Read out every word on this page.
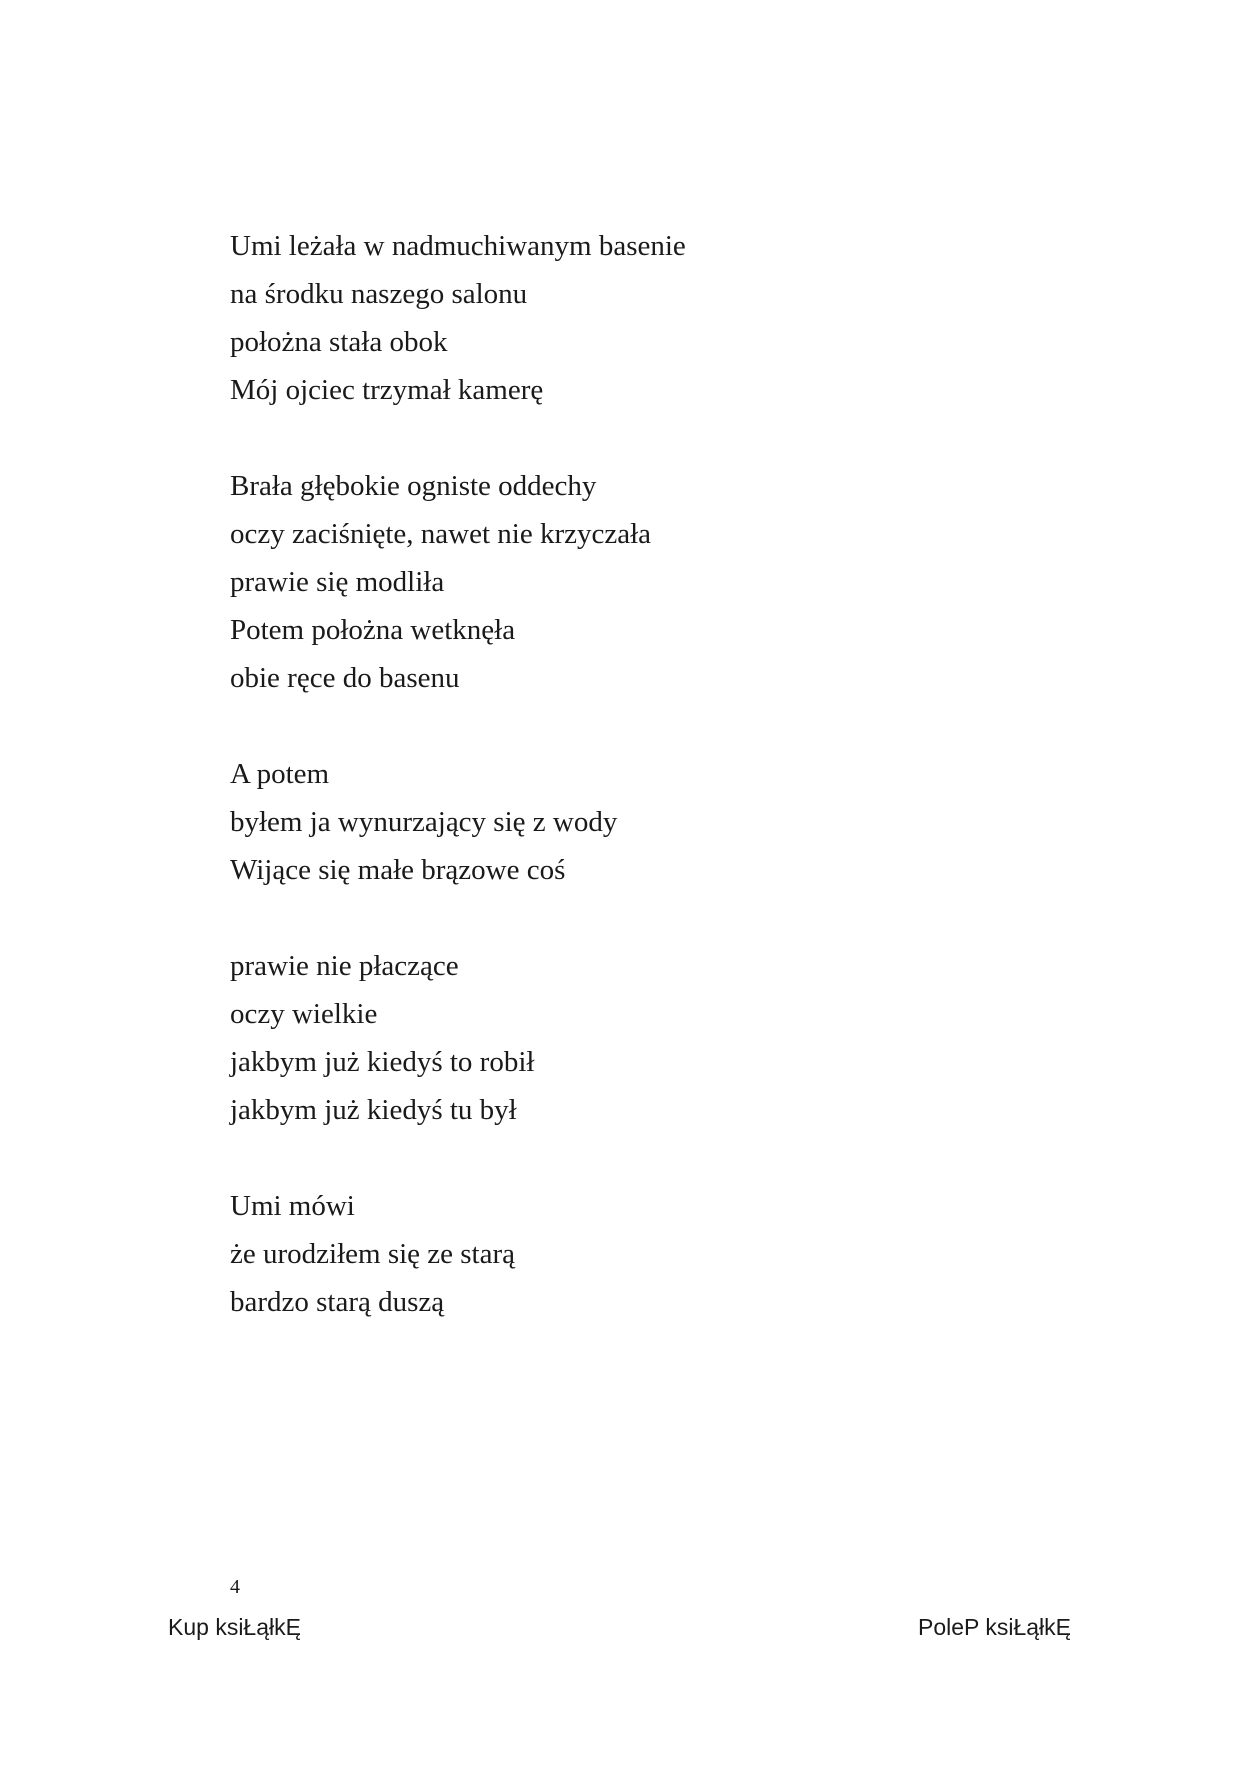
Umi leżała w nadmuchiwanym basenie
na środku naszego salonu
położna stała obok
Mój ojciec trzymał kamerę
Brała głębokie ogniste oddechy
oczy zaciśnięte, nawet nie krzyczała
prawie się modliła
Potem położna wetknęła
obie ręce do basenu
A potem
byłem ja wynurzający się z wody
Wijące się małe brązowe coś
prawie nie płaczące
oczy wielkie
jakbym już kiedyś to robił
jakbym już kiedyś tu był
Umi mówi
że urodziłem się ze starą
bardzo starą duszą
4
Kup ksiŁąłkĘ	PoleP ksiŁąłkĘ
